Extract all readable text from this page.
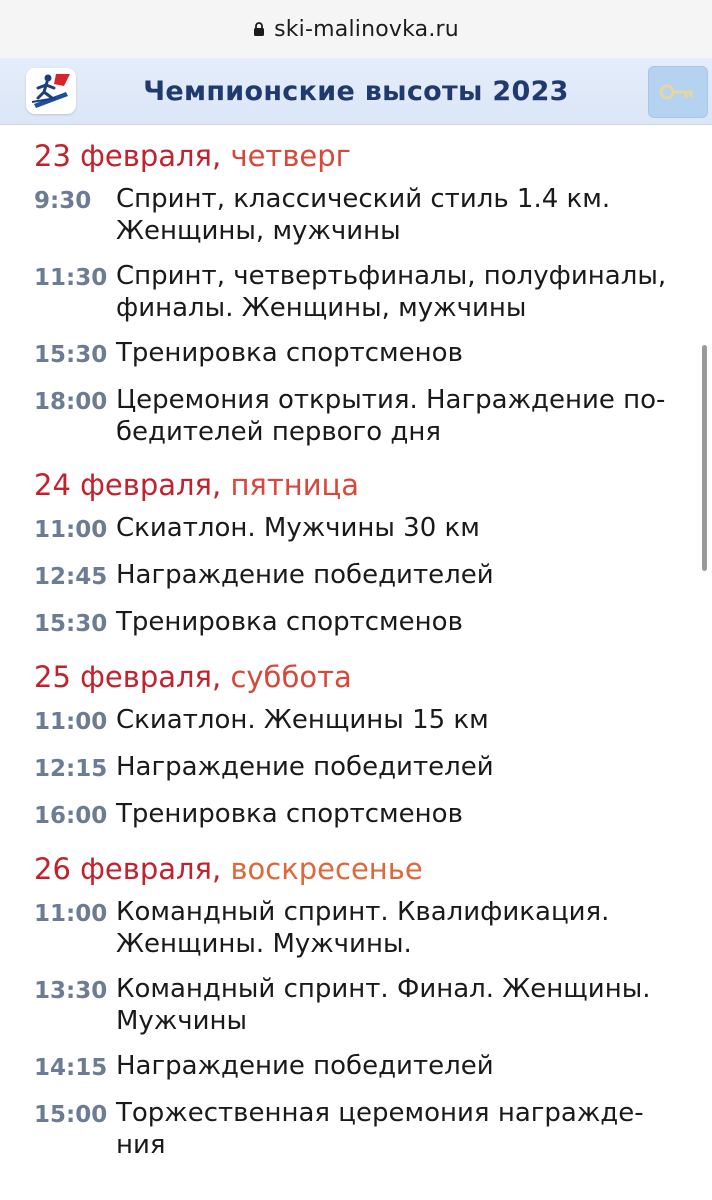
ski-malinovka.ru
Чемпионские высоты 2023
23 февраля, четверг
9:30 Спринт, классический стиль 1.4 км.
Женщины, мужчины
11:30 Спринт, четвертьфиналы, полуфиналы,
финалы. Женщины, мужчины
15:30 Тренировка спортсменов
18:00 Церемония открытия. Награждение по-
бедителей первого дня
24 февраля, пятница
11:00 Скиатлон. Мужчины 30 км
12:45 Награждение победителей
15:30 Тренировка спортсменов
25 февраля, суббота
11:00 Скиатлон. Женщины 15 км
12:15 Награждение победителей
16:00 Тренировка спортсменов
26 февраля, воскресенье
11:00 Командный спринт. Квалификация.
Женщины. Мужчины.
13:30 Командный спринт. Финал. Женщины.
Мужчины
14:15 Награждение победителей
15:00 Торжественная церемония награжде-
ния
